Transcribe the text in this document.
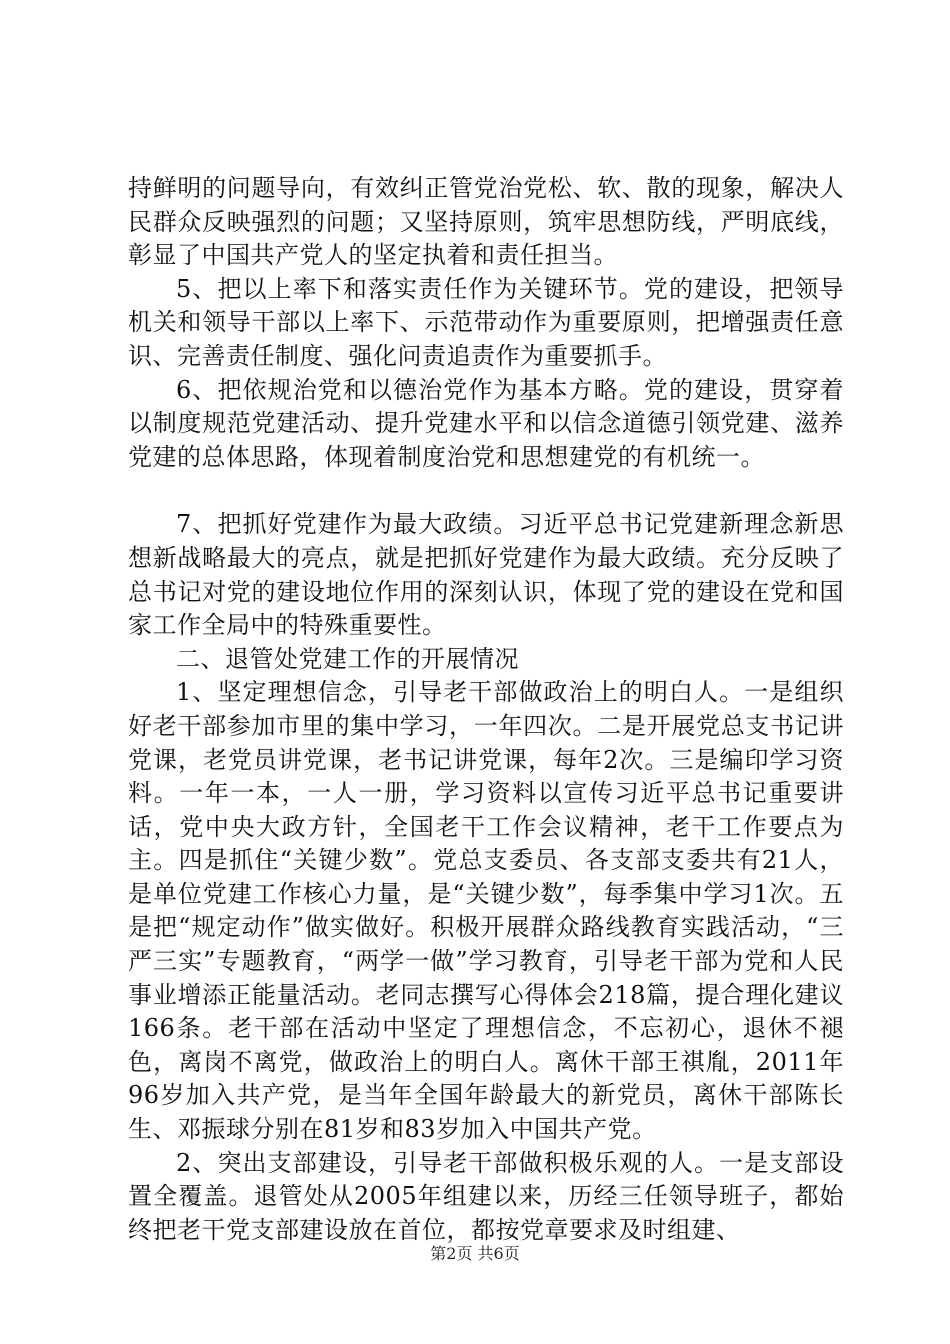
持鲜明的问题导向，有效纠正管党治党松、软、散的现象，解决人民群众反映强烈的问题；又坚持原则，筑牢思想防线，严明底线，彰显了中国共产党人的坚定执着和责任担当。

5、把以上率下和落实责任作为关键环节。党的建设，把领导机关和领导干部以上率下、示范带动作为重要原则，把增强责任意识、完善责任制度、强化问责追责作为重要抓手。

6、把依规治党和以德治党作为基本方略。党的建设，贯穿着以制度规范党建活动、提升党建水平和以信念道德引领党建、滋养党建的总体思路，体现着制度治党和思想建党的有机统一。

7、把抓好党建作为最大政绩。习近平总书记党建新理念新思想新战略最大的亮点，就是把抓好党建作为最大政绩。充分反映了总书记对党的建设地位作用的深刻认识，体现了党的建设在党和国家工作全局中的特殊重要性。

二、退管处党建工作的开展情况

1、坚定理想信念，引导老干部做政治上的明白人。一是组织好老干部参加市里的集中学习，一年四次。二是开展党总支书记讲党课，老党员讲党课，老书记讲党课，每年2次。三是编印学习资料。一年一本，一人一册，学习资料以宣传习近平总书记重要讲话，党中央大政方针，全国老干工作会议精神，老干工作要点为主。四是抓住“关键少数”。党总支委员、各支部支委共有21人，是单位党建工作核心力量，是“关键少数”，每季集中学习1次。五是把“规定动作”做实做好。积极开展群众路线教育实践活动，“三严三实”专题教育，“两学一做”学习教育，引导老干部为党和人民事业增添正能量活动。老同志撰写心得体会218篇，提合理化建议166条。老干部在活动中坚定了理想信念，不忘初心，退休不褪色，离岗不离党，做政治上的明白人。离休干部王祺胤，2011年96岁加入共产党，是当年全国年龄最大的新党员，离休干部陈长生、邓振球分别在81岁和83岁加入中国共产党。

2、突出支部建设，引导老干部做积极乐观的人。一是支部设置全覆盖。退管处从2005年组建以来，历经三任领导班子，都始终把老干党支部建设放在首位，都按党章要求及时组建、

第2页 共6页
